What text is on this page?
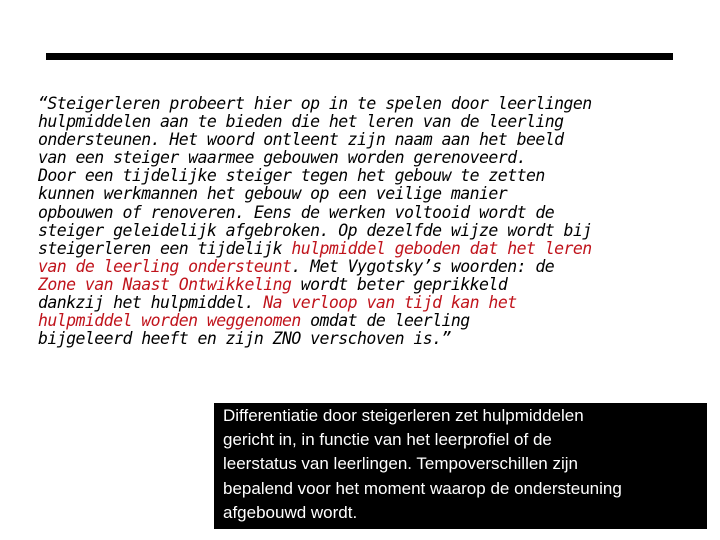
“Steigerleren probeert hier op in te spelen door leerlingen
hulpmiddelen aan te bieden die het leren van de leerling
ondersteunen. Het woord ontleent zijn naam aan het beeld
van een steiger waarmee gebouwen worden gerenoveerd.
Door een tijdelijke steiger tegen het gebouw te zetten
kunnen werkmannen het gebouw op een veilige manier
opbouwen of renoveren. Eens de werken voltooid wordt de
steiger geleidelijk afgebroken. Op dezelfde wijze wordt bij
steigerleren een tijdelijk hulpmiddel geboden dat het leren
van de leerling ondersteunt. Met Vygotsky’s woorden: de
Zone van Naast Ontwikkeling wordt beter geprikkeld
dankzij het hulpmiddel. Na verloop van tijd kan het
hulpmiddel worden weggenomen omdat de leerling
bijgeleerd heeft en zijn ZNO verschoven is.”
Differentiatie door steigerleren zet hulpmiddelen
gericht in, in functie van het leerprofiel of de
leerstatus van leerlingen. Tempoverschillen zijn
bepalend voor het moment waarop de ondersteuning
afgebouwd wordt.
